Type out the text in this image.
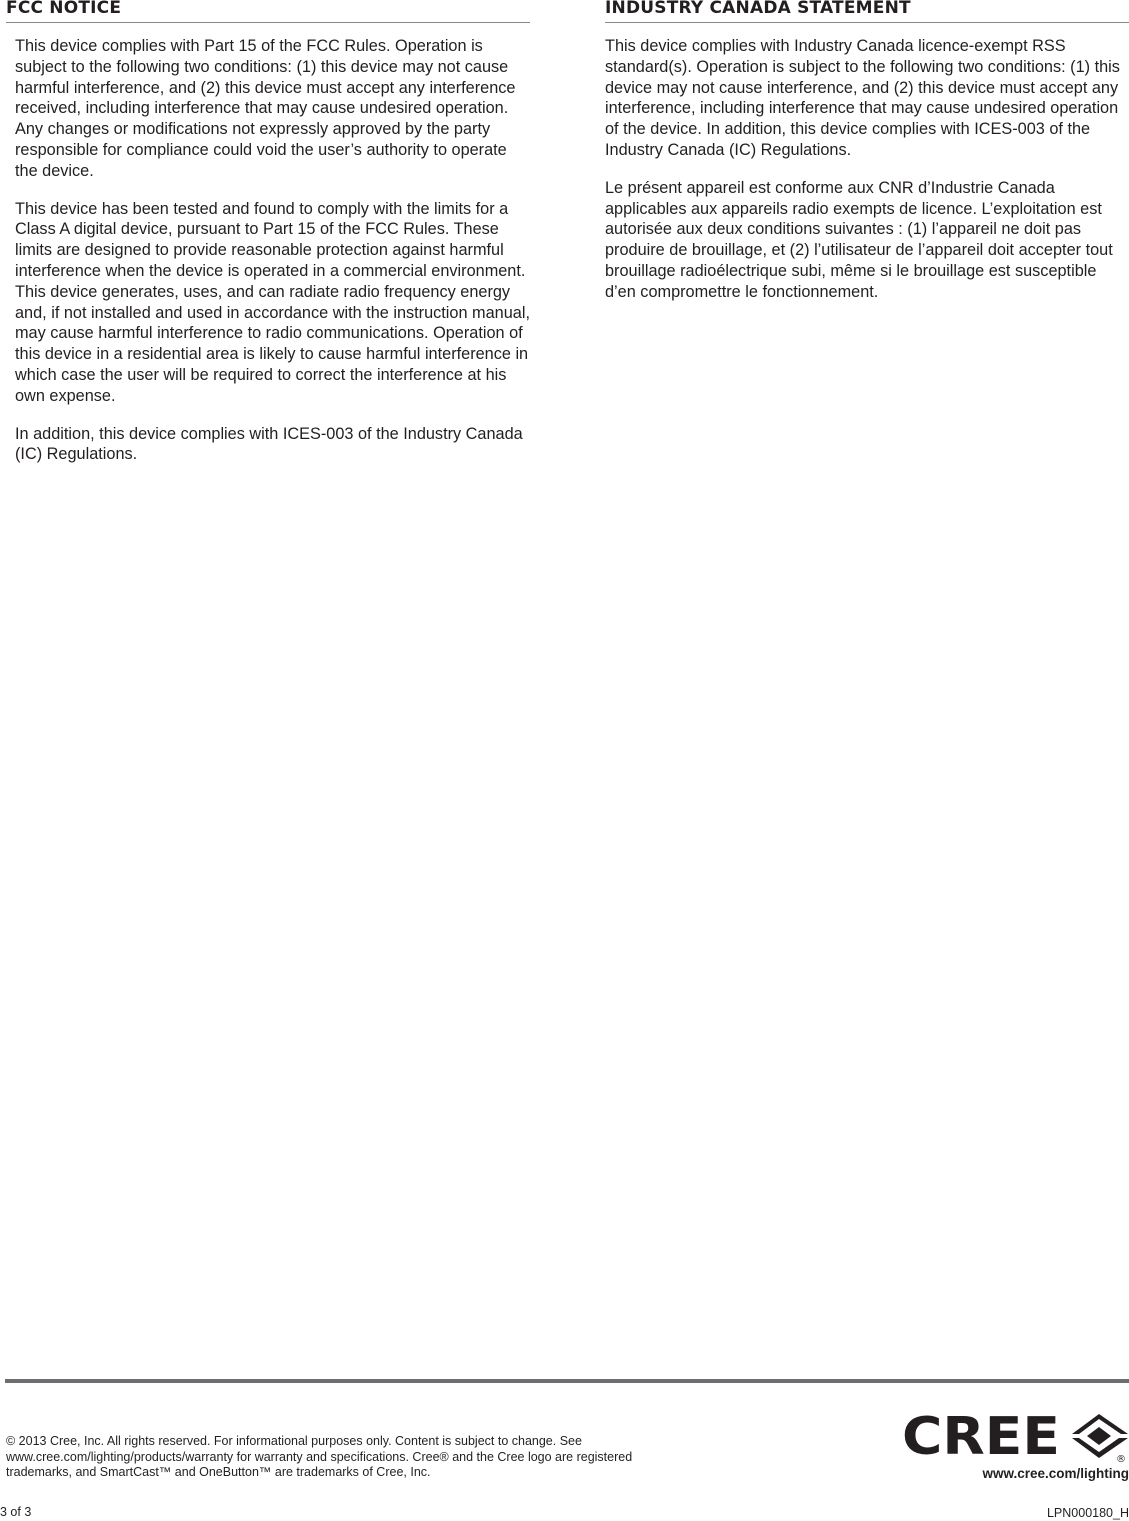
FCC NOTICE

This device complies with Part 15 of the FCC Rules. Operation is subject to the following two conditions: (1) this device may not cause harmful interference, and (2) this device must accept any interference received, including interference that may cause undesired operation. Any changes or modifications not expressly approved by the party responsible for compliance could void the user’s authority to operate the device.

This device has been tested and found to comply with the limits for a Class A digital device, pursuant to Part 15 of the FCC Rules. These limits are designed to provide reasonable protection against harmful interference when the device is operated in a commercial environment. This device generates, uses, and can radiate radio frequency energy and, if not installed and used in accordance with the instruction manual, may cause harmful interference to radio communications. Operation of this device in a residential area is likely to cause harmful interference in which case the user will be required to correct the interference at his own expense.

In addition, this device complies with ICES-003 of the Industry Canada (IC) Regulations.

INDUSTRY CANADA STATEMENT

This device complies with Industry Canada licence-exempt RSS standard(s). Operation is subject to the following two conditions: (1) this device may not cause interference, and (2) this device must accept any interference, including interference that may cause undesired operation of the device. In addition, this device complies with ICES-003 of the Industry Canada (IC) Regulations.

Le présent appareil est conforme aux CNR d’Industrie Canada applicables aux appareils radio exempts de licence. L’exploitation est autorisée aux deux conditions suivantes : (1) l’appareil ne doit pas produire de brouillage, et (2) l’utilisateur de l’appareil doit accepter tout brouillage radioélectrique subi, même si le brouillage est susceptible d’en compromettre le fonctionnement.

© 2013 Cree, Inc. All rights reserved. For informational purposes only. Content is subject to change. See www.cree.com/lighting/products/warranty for warranty and specifications. Cree® and the Cree logo are registered trademarks, and SmartCast™ and OneButton™ are trademarks of Cree, Inc.
CREE	®
www.cree.com/lighting
3 of 3	LPN000180_H
